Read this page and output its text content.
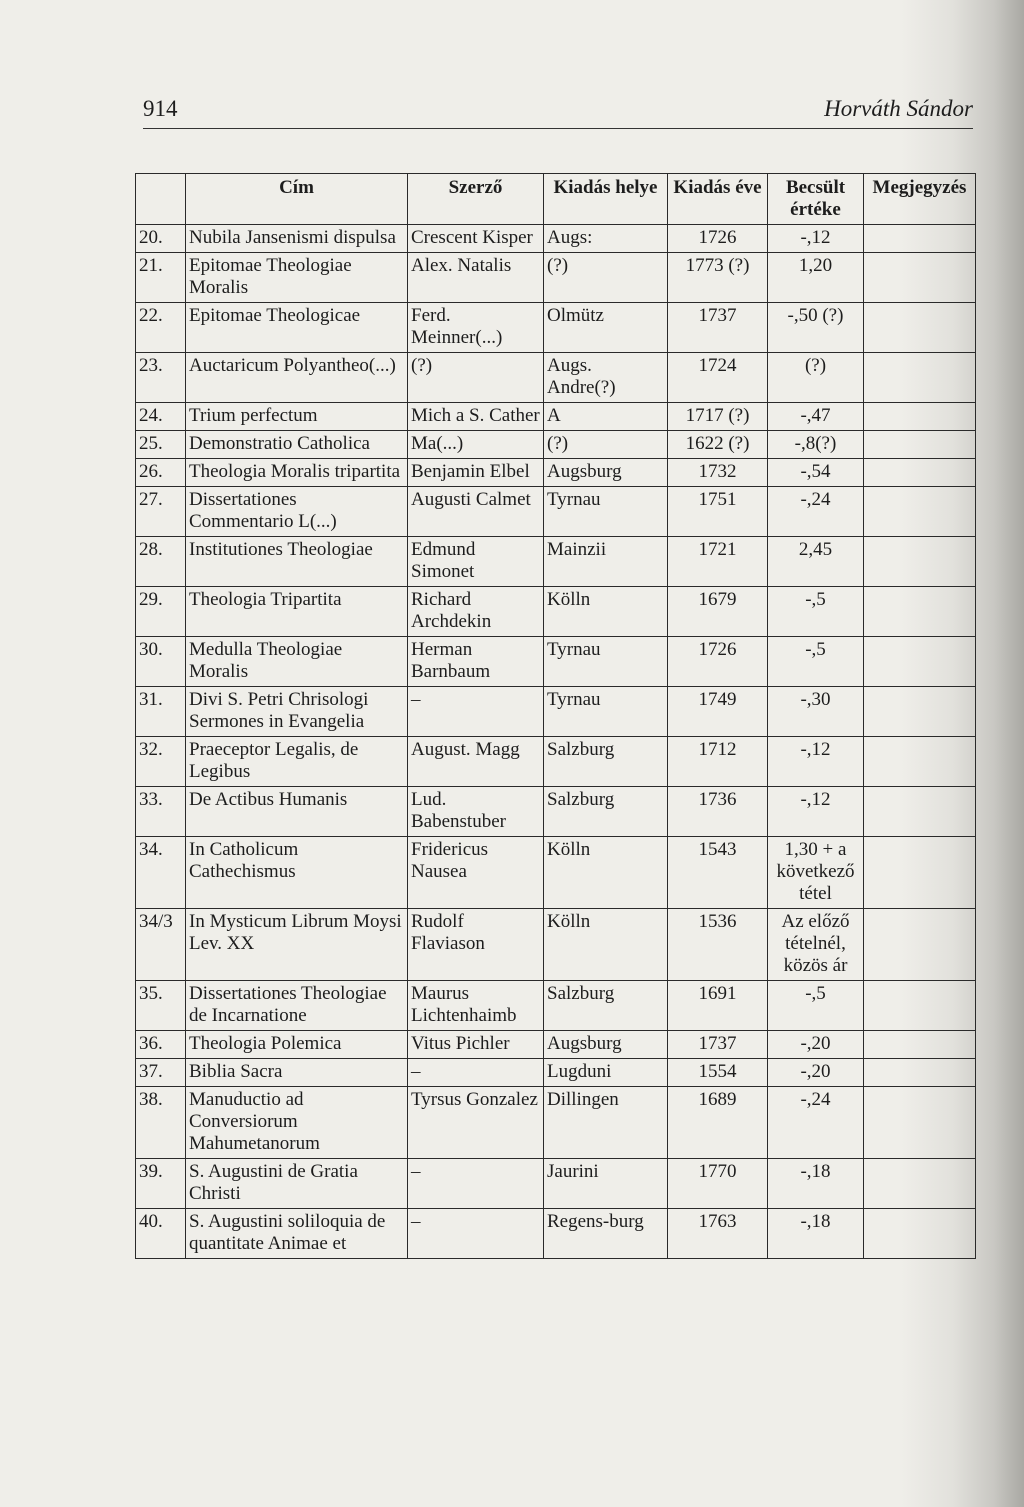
914	Horváth Sándor
	Cím	Szerző	Kiadás helye	Kiadás éve	Becsült értéke	Megjegyzés
20.	Nubila Jansenismi dispulsa	Crescent Kisper	Augs:	1726	-,12	
21.	Epitomae Theologiae Moralis	Alex. Natalis	(?)	1773 (?)	1,20	
22.	Epitomae Theologicae	Ferd. Meinner(...)	Olmütz	1737	-,50 (?)	
23.	Auctaricum Polyantheo(...)	(?)	Augs. Andre(?)	1724	(?)	
24.	Trium perfectum	Mich a S. Cather	A	1717 (?)	-,47	
25.	Demonstratio Catholica	Ma(...)	(?)	1622 (?)	-,8(?)	
26.	Theologia Moralis tripartita	Benjamin Elbel	Augsburg	1732	-,54	
27.	Dissertationes Commentario L(...)	Augusti Calmet	Tyrnau	1751	-,24	
28.	Institutiones Theologiae	Edmund Simonet	Mainzii	1721	2,45	
29.	Theologia Tripartita	Richard Archdekin	Kölln	1679	-,5	
30.	Medulla Theologiae Moralis	Herman Barnbaum	Tyrnau	1726	-,5	
31.	Divi S. Petri Chrisologi Sermones in Evangelia	–	Tyrnau	1749	-,30	
32.	Praeceptor Legalis, de Legibus	August. Magg	Salzburg	1712	-,12	
33.	De Actibus Humanis	Lud. Babenstuber	Salzburg	1736	-,12	
34.	In Catholicum Cathechismus	Fridericus Nausea	Kölln	1543	1,30 + a következő tétel	
34/3	In Mysticum Librum Moysi Lev. XX	Rudolf Flaviason	Kölln	1536	Az előző tételnél, közös ár	
35.	Dissertationes Theologiae de Incarnatione	Maurus Lichtenhaimb	Salzburg	1691	-,5	
36.	Theologia Polemica	Vitus Pichler	Augsburg	1737	-,20	
37.	Biblia Sacra	–	Lugduni	1554	-,20	
38.	Manuductio ad Conversiorum Mahumetanorum	Tyrsus Gonzalez	Dillingen	1689	-,24	
39.	S. Augustini de Gratia Christi	–	Jaurini	1770	-,18	
40.	S. Augustini soliloquia de quantitate Animae et	–	Regens-burg	1763	-,18	
